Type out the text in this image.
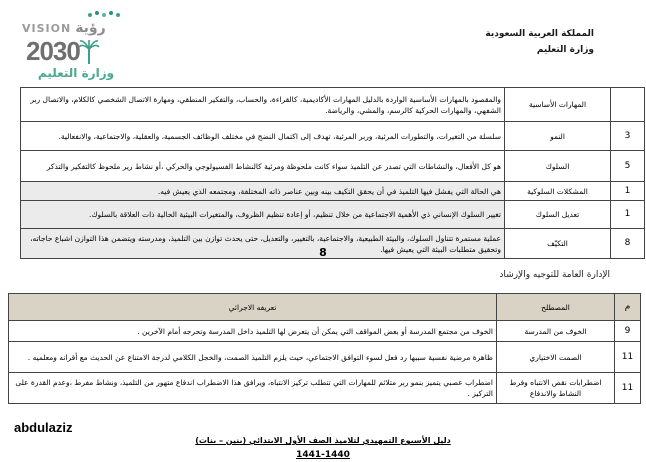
VISION رؤية
2030
وزارة التعليم
المملكة العربية السعودية
وزارة التعليم
	المهارات الأساسية	والمقصود بالمهارات الأساسية الواردة بالدليل المهارات الأكاديمية، كالقراءة، والحساب، والتفكير المنطقي، ومهارة الاتصال الشخصي كالكلام، والاتصال ربر الشفهي، والمهارات الحركية كالرسم، والمشي، والرياضة.
3	النمو	سلسلة من التغيرات، والتطورات المرئية، وربر المرئية، تهدف إلى اكتمال النضج في مختلف الوظائف الجسمية، والعقلية، والاجتماعية، والانفعالية.
5	السلوك	هو كل الأفعال، والنشاطات التي تصدر عن التلميذ سواء كانت ملحوظة ومرئية كالنشاط الفسيولوجي والحركي ،أو نشاط رير ملحوظ كالتفكير والتذكر
1	المشكلات السلوكية	هي الحالة التي يفشل فيها التلميذ في أن يحقق التكيف بينه وبين عناصر ذاته المختلفة، ومجتمعه الذي يعيش فيه.
1	تعديل السلوك	تغيير السلوك الإنساني ذي الأهمية الاجتماعية من خلال تنظيم، أو إعادة تنظيم الظروف، والمتغيرات البيئية الحالية ذات العلاقة بالسلوك.
8	التكيّف	عملية مستمرة تتناول السلوك، والبيئة الطبيعية، والاجتماعية، بالتغيير، والتعديل، حتى يحدث توازن بين التلميذ، ومدرسته ويتضمن هذا التوازن اشباع حاجاته، وتحقيق متطلبات البيئة التي يعيش فيها.
8
الإدارة العامة للتوجيه والإرشاد
م	المصطلح	تعريفه الاجرائي
9	الخوف من المدرسة	الخوف من مجتمع المدرسة أو بعض المواقف التي يمكن أن يتعرض لها التلميذ داخل المدرسة وتحرجه أمام الآخرين .
11	الصمت الاختياري	ظاهرة مرضية نفسية سببها رد فعل لسوء التوافق الاجتماعي، حيث يلزم التلميذ الصمت، والخجل الكلامي لدرجة الامتناع عن الحديث مع أقرانه ومعلميه .
11	اضطرابات نقص الانتباه وفرط النشاط والاندفاع	اضطراب عصبي يتميز بنمو ربر متلائم للمهارات التي تتطلب تركيز الانتباه، ويرافق هذا الاضطراب اندفاع متهور من التلميذ، ونشاط مفرط ،وعدم القدرة على التركيز .
abdulaziz
دليل الأسبوع التمهيدي لتلاميذ الصف الأول الابتدائي (بنين – بنات)
1441-1440
